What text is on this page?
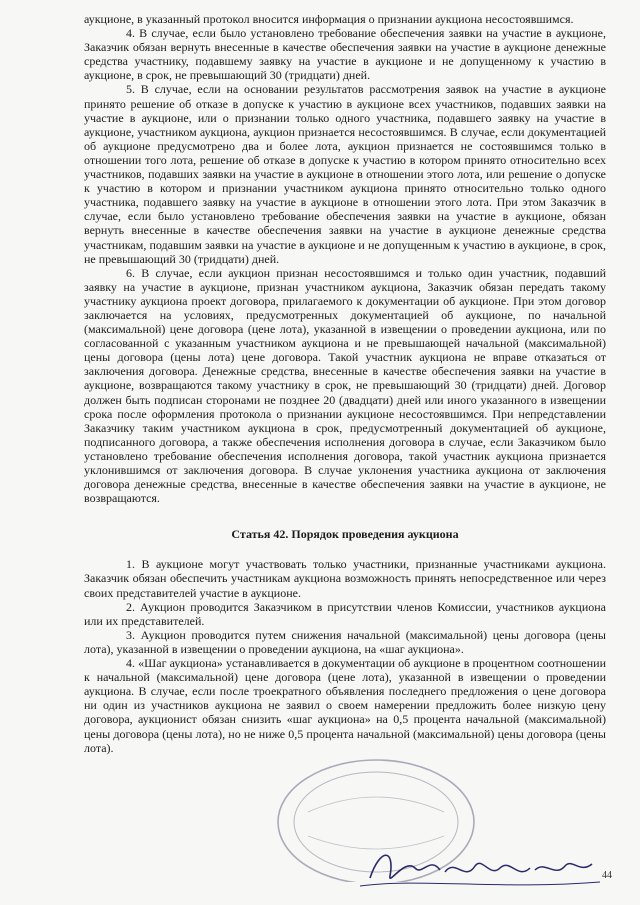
аукционе, в указанный протокол вносится информация о признании аукциона несостоявшимся.

4. В случае, если было установлено требование обеспечения заявки на участие в аукционе, Заказчик обязан вернуть внесенные в качестве обеспечения заявки на участие в аукционе денежные средства участнику, подавшему заявку на участие в аукционе и не допущенному к участию в аукционе, в срок, не превышающий 30 (тридцати) дней.

5. В случае, если на основании результатов рассмотрения заявок на участие в аукционе принято решение об отказе в допуске к участию в аукционе всех участников, подавших заявки на участие в аукционе, или о признании только одного участника, подавшего заявку на участие в аукционе, участником аукциона, аукцион признается несостоявшимся. В случае, если документацией об аукционе предусмотрено два и более лота, аукцион признается не состоявшимся только в отношении того лота, решение об отказе в допуске к участию в котором принято относительно всех участников, подавших заявки на участие в аукционе в отношении этого лота, или решение о допуске к участию в котором и признании участником аукциона принято относительно только одного участника, подавшего заявку на участие в аукционе в отношении этого лота. При этом Заказчик в случае, если было установлено требование обеспечения заявки на участие в аукционе, обязан вернуть внесенные в качестве обеспечения заявки на участие в аукционе денежные средства участникам, подавшим заявки на участие в аукционе и не допущенным к участию в аукционе, в срок, не превышающий 30 (тридцати) дней.

6. В случае, если аукцион признан несостоявшимся и только один участник, подавший заявку на участие в аукционе, признан участником аукциона, Заказчик обязан передать такому участнику аукциона проект договора, прилагаемого к документации об аукционе. При этом договор заключается на условиях, предусмотренных документацией об аукционе, по начальной (максимальной) цене договора (цене лота), указанной в извещении о проведении аукциона, или по согласованной с указанным участником аукциона и не превышающей начальной (максимальной) цены договора (цены лота) цене договора. Такой участник аукциона не вправе отказаться от заключения договора. Денежные средства, внесенные в качестве обеспечения заявки на участие в аукционе, возвращаются такому участнику в срок, не превышающий 30 (тридцати) дней. Договор должен быть подписан сторонами не позднее 20 (двадцати) дней или иного указанного в извещении срока после оформления протокола о признании аукционе несостоявшимся. При непредставлении Заказчику таким участником аукциона в срок, предусмотренный документацией об аукционе, подписанного договора, а также обеспечения исполнения договора в случае, если Заказчиком было установлено требование обеспечения исполнения договора, такой участник аукциона признается уклонившимся от заключения договора. В случае уклонения участника аукциона от заключения договора денежные средства, внесенные в качестве обеспечения заявки на участие в аукционе, не возвращаются.

Статья 42. Порядок проведения аукциона

1. В аукционе могут участвовать только участники, признанные участниками аукциона. Заказчик обязан обеспечить участникам аукциона возможность принять непосредственное или через своих представителей участие в аукционе.

2. Аукцион проводится Заказчиком в присутствии членов Комиссии, участников аукциона или их представителей.

3. Аукцион проводится путем снижения начальной (максимальной) цены договора (цены лота), указанной в извещении о проведении аукциона, на «шаг аукциона».

4. «Шаг аукциона» устанавливается в документации об аукционе в процентном соотношении к начальной (максимальной) цене договора (цене лота), указанной в извещении о проведении аукциона. В случае, если после троекратного объявления последнего предложения о цене договора ни один из участников аукциона не заявил о своем намерении предложить более низкую цену договора, аукционист обязан снизить «шаг аукциона» на 0,5 процента начальной (максимальной) цены договора (цены лота), но не ниже 0,5 процента начальной (максимальной) цены договора (цены лота).

44
